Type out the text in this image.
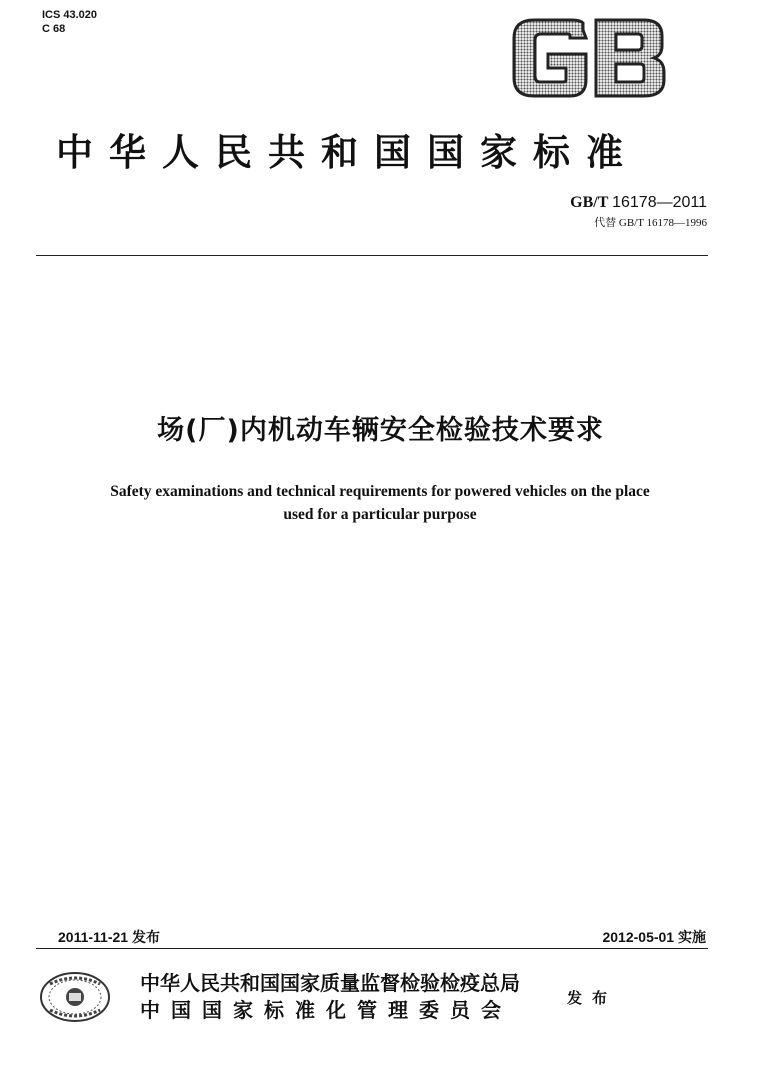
ICS 43.020
C 68
中华人民共和国国家标准
GB/T 16178—2011
代替 GB/T 16178—1996
场(厂)内机动车辆安全检验技术要求
Safety examinations and technical requirements for powered vehicles on the place
used for a particular purpose
2011-11-21 发布	2012-05-01 实施
中华人民共和国国家质量监督检验检疫总局
中国国家标准化管理委员会	发布
